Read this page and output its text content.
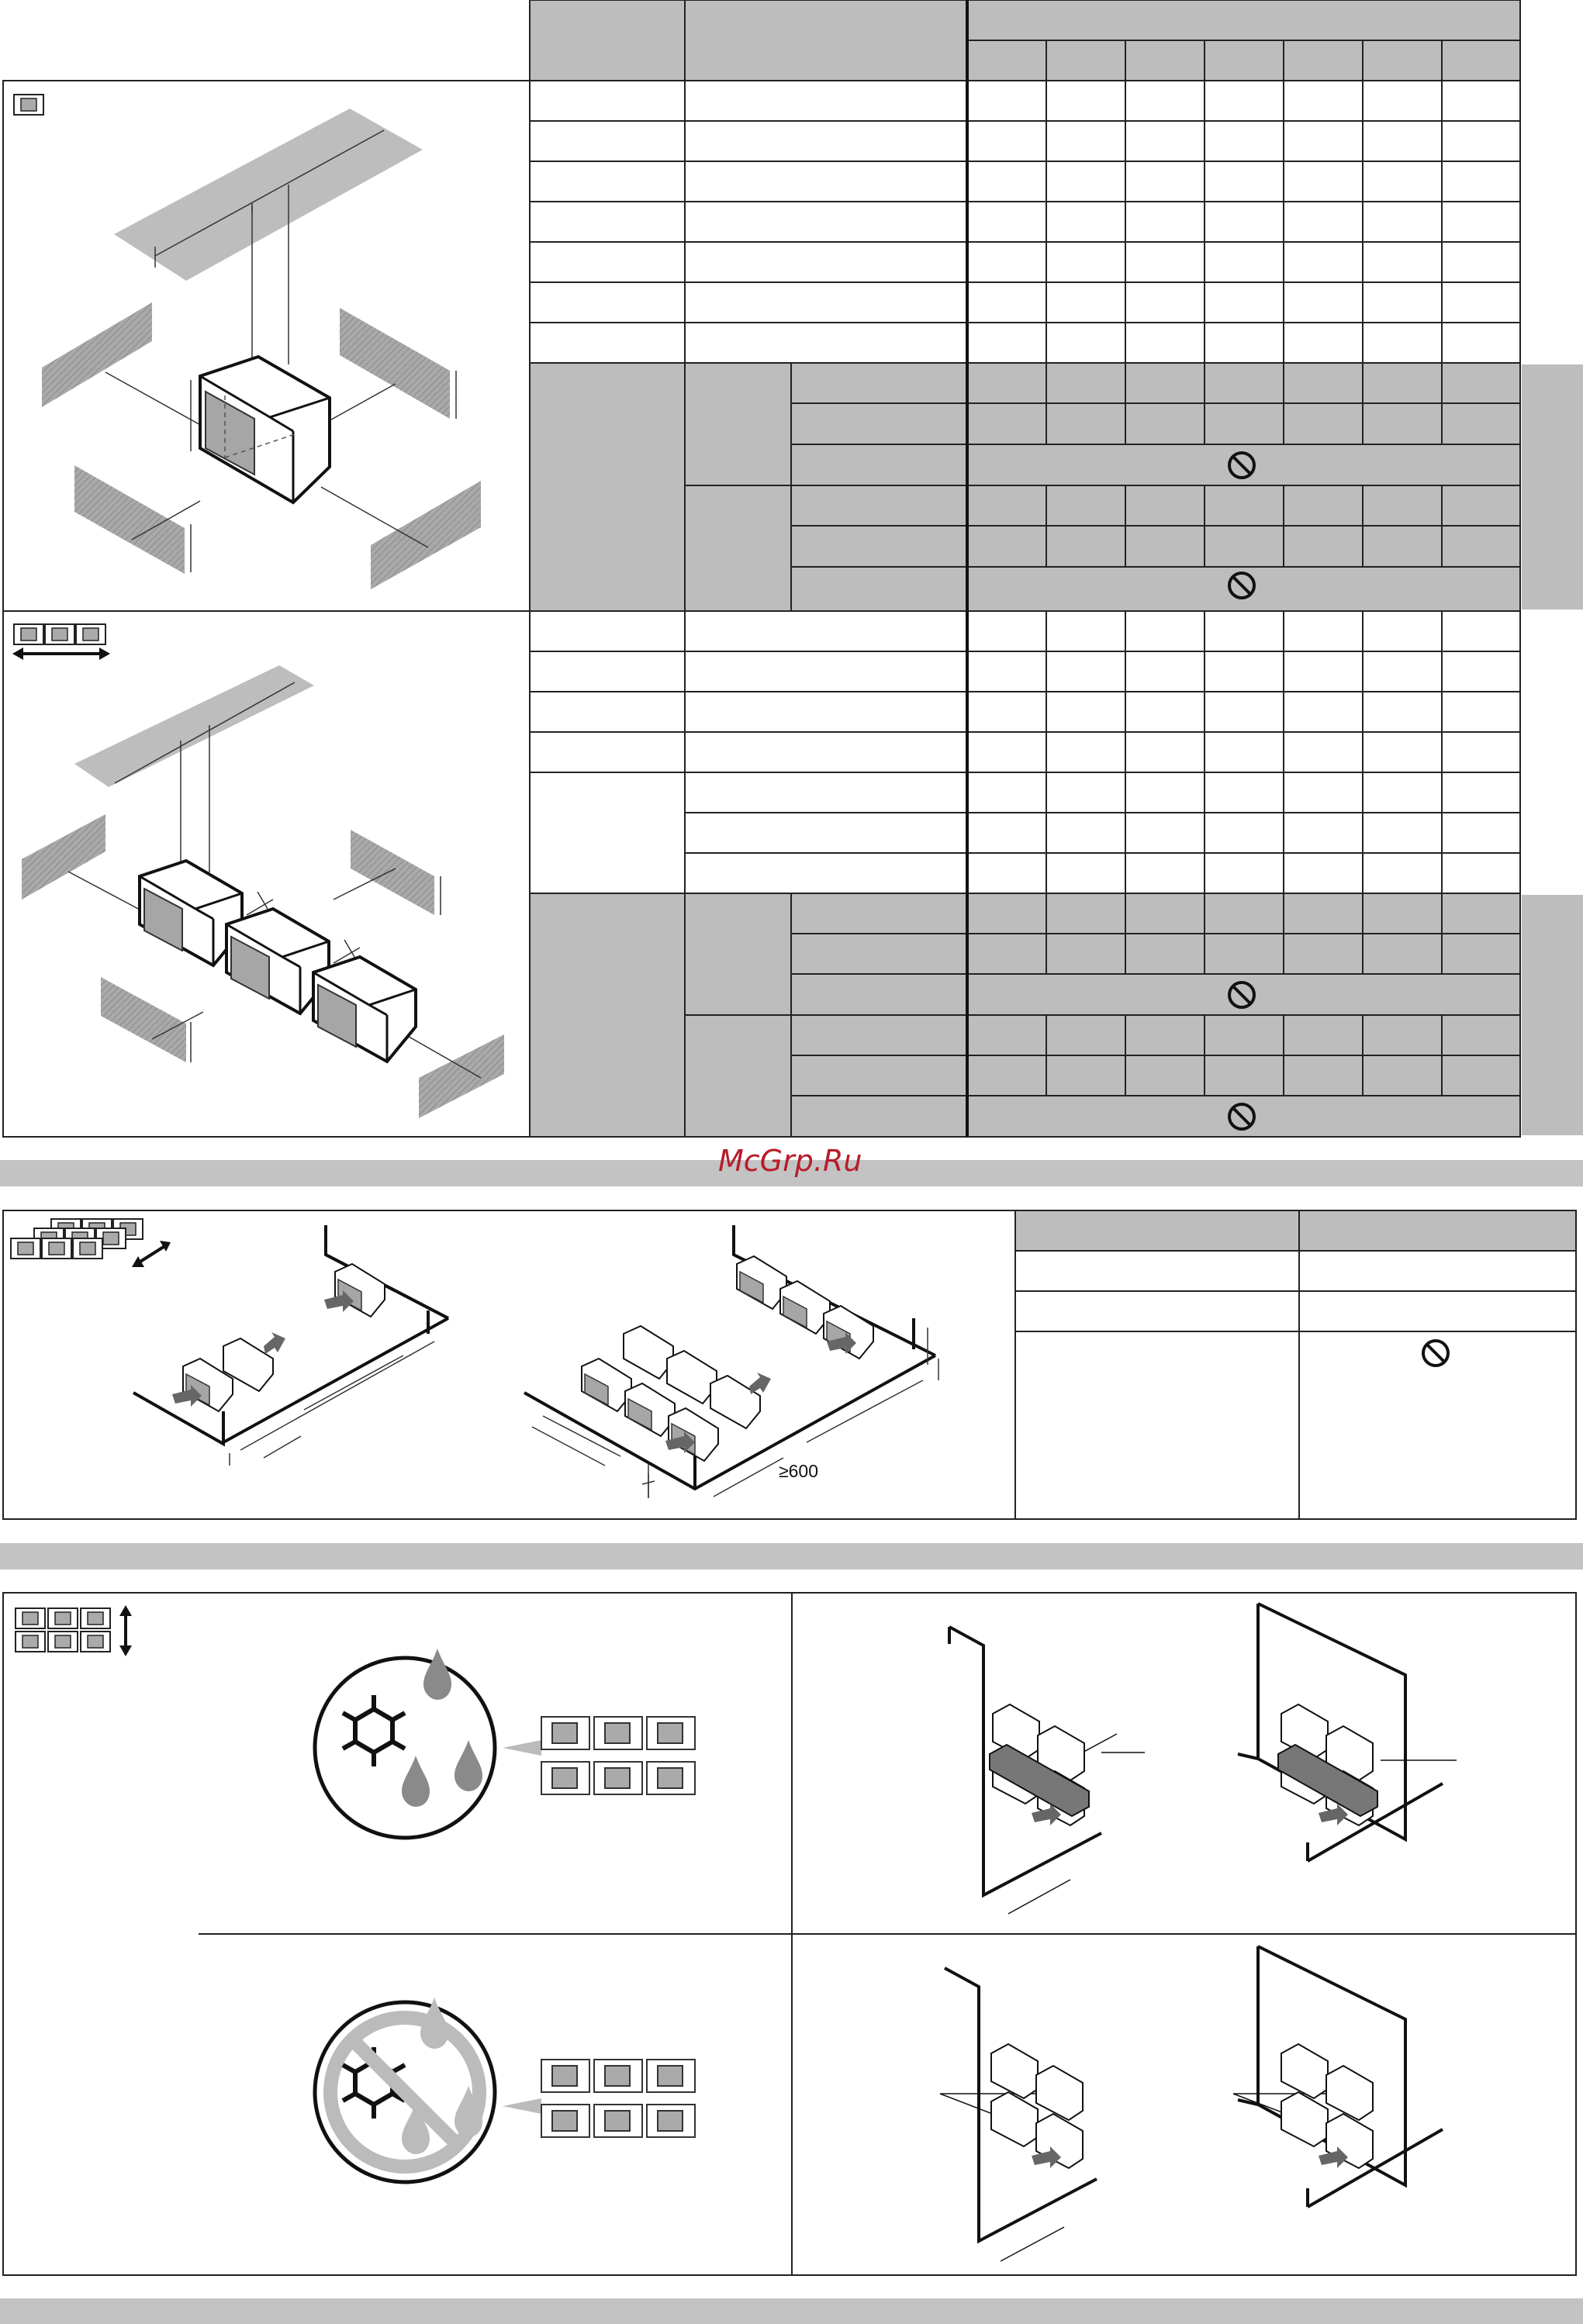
McGrp.Ru
≥600
